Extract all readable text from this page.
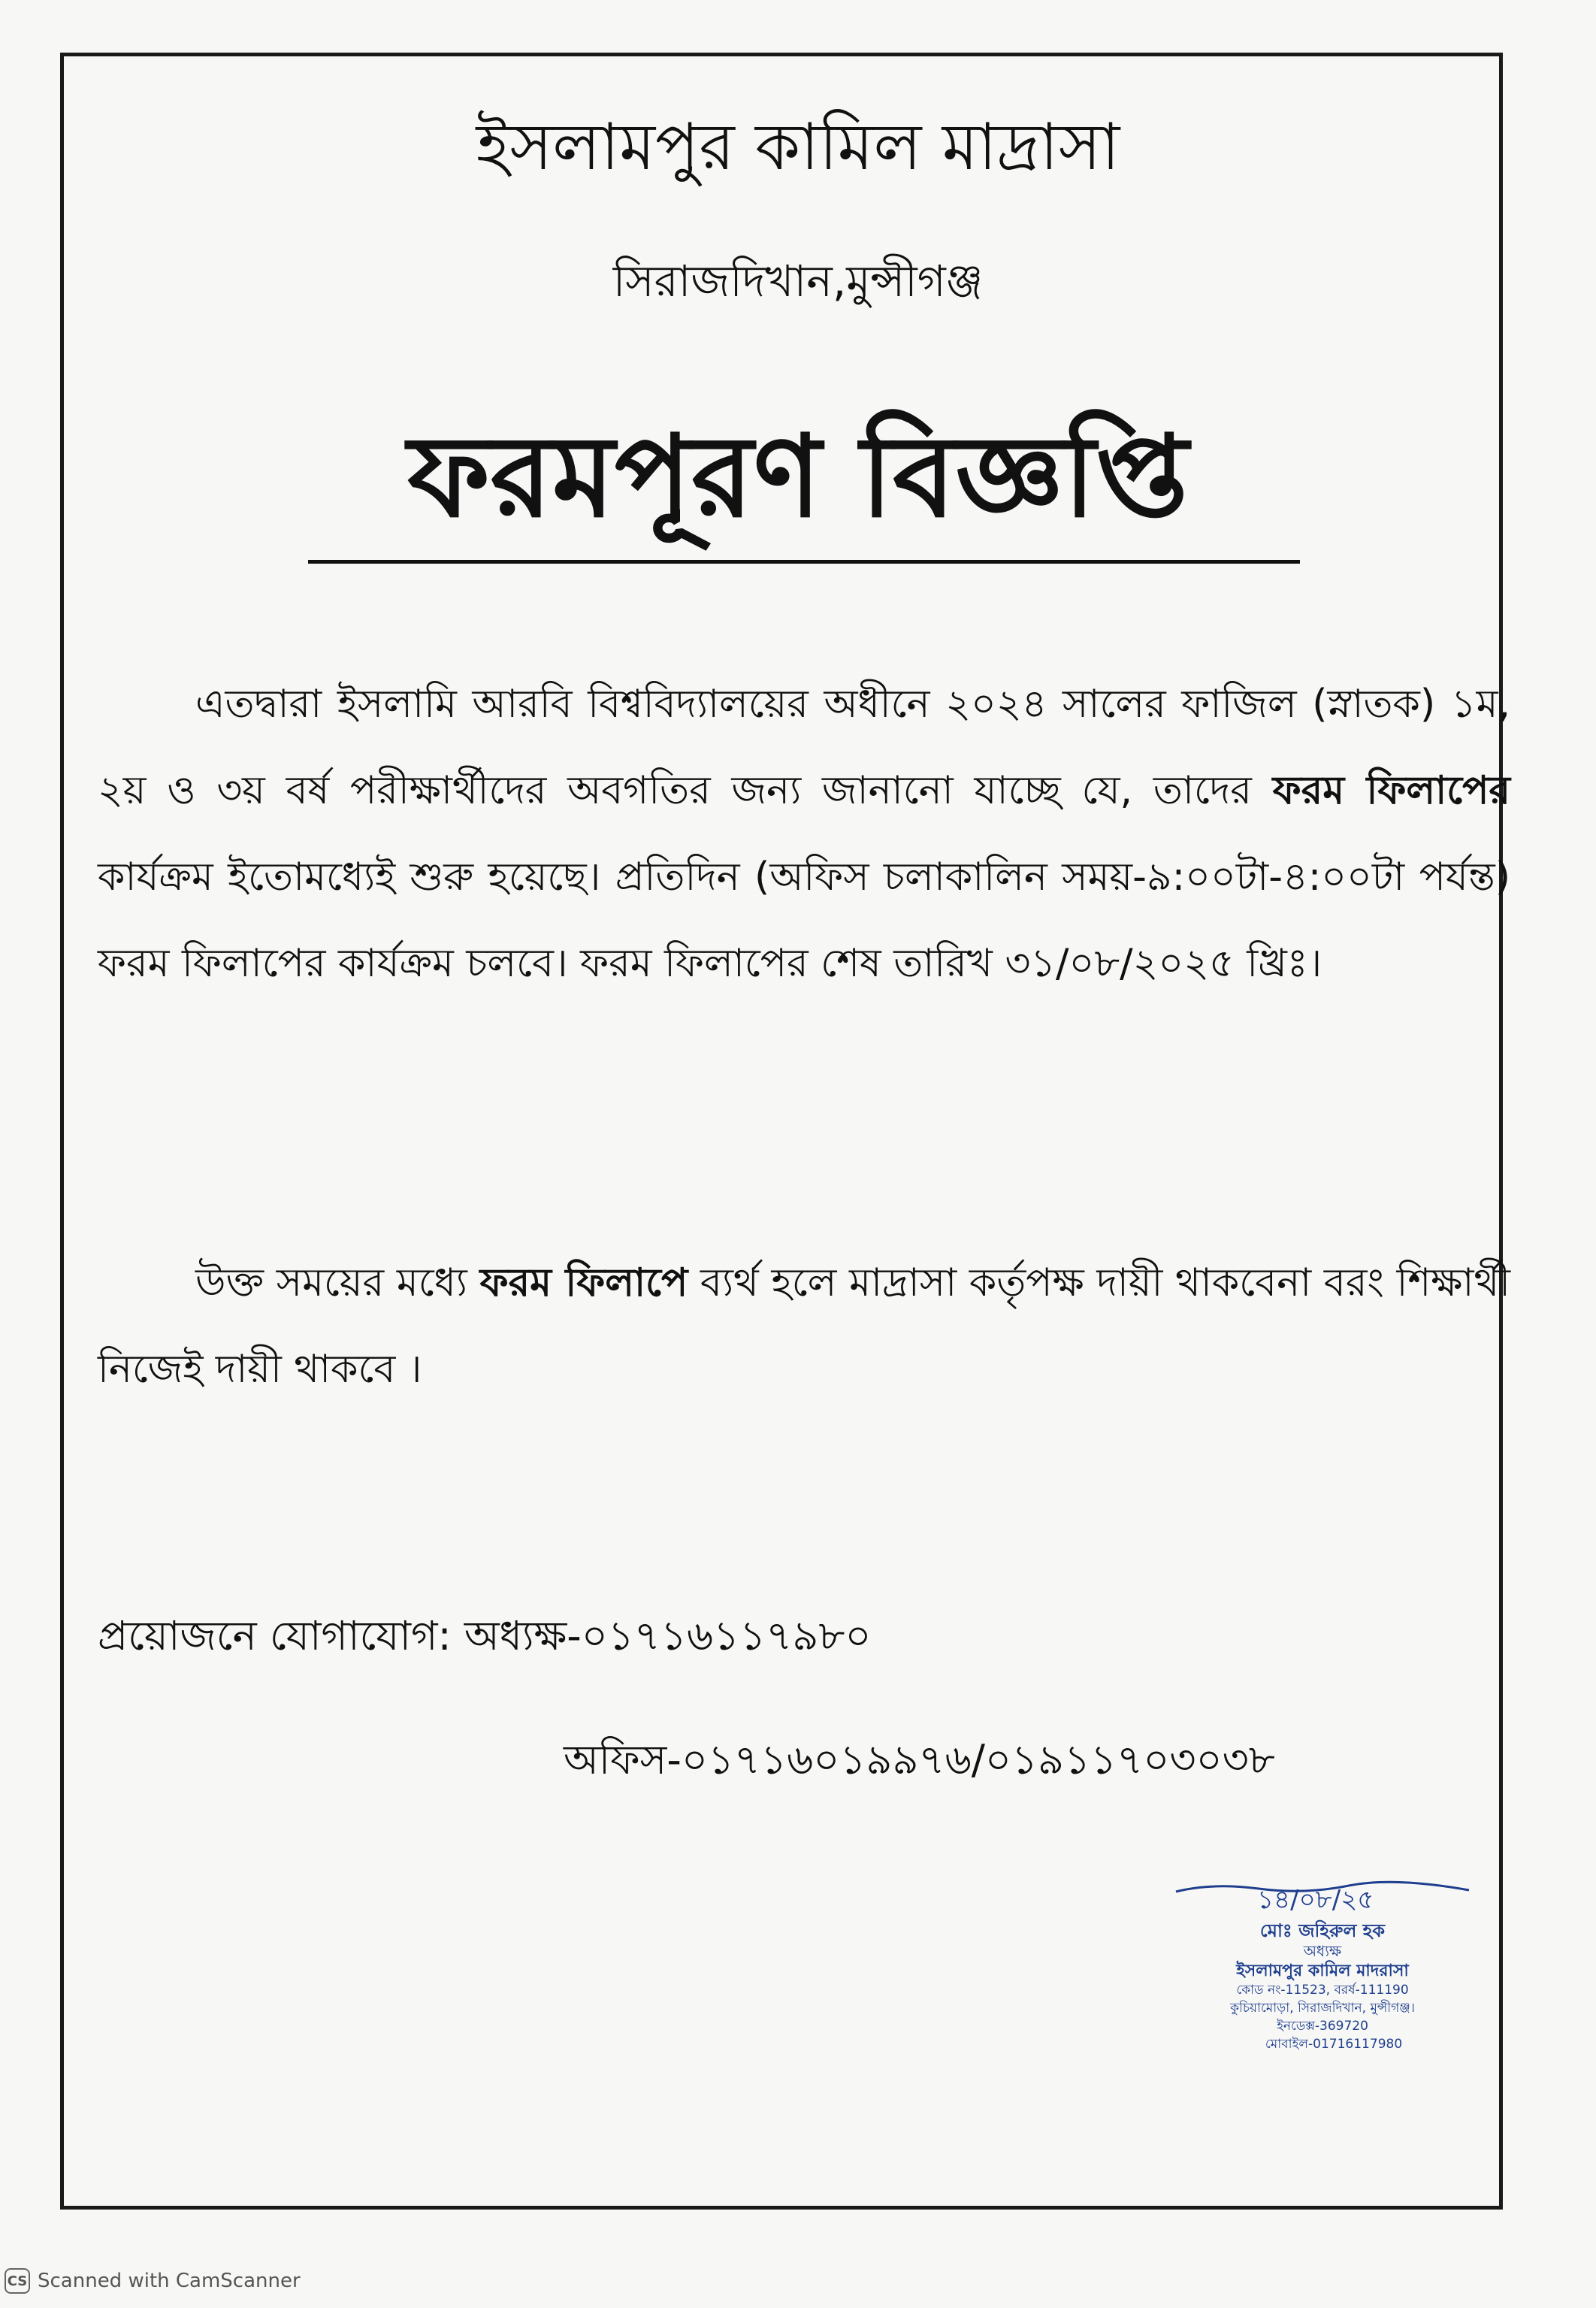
ইসলামপুর কামিল মাদ্রাসা
সিরাজদিখান,মুন্সীগঞ্জ
ফরমপূরণ বিজ্ঞপ্তি

এতদ্বারা ইসলামি আরবি বিশ্ববিদ্যালয়ের অধীনে ২০২৪ সালের ফাজিল (স্নাতক) ১ম, ২য় ও ৩য় বর্ষ পরীক্ষার্থীদের অবগতির জন্য জানানো যাচ্ছে যে, তাদের ফরম ফিলাপের কার্যক্রম ইতোমধ্যেই শুরু হয়েছে। প্রতিদিন (অফিস চলাকালিন সময়-৯:০০টা-৪:০০টা পর্যন্ত) ফরম ফিলাপের কার্যক্রম চলবে। ফরম ফিলাপের শেষ তারিখ ৩১/০৮/২০২৫ খ্রিঃ।

উক্ত সময়ের মধ্যে ফরম ফিলাপে ব্যর্থ হলে মাদ্রাসা কর্তৃপক্ষ দায়ী থাকবেনা বরং শিক্ষার্থী নিজেই দায়ী থাকবে ।

প্রয়োজনে যোগাযোগ: অধ্যক্ষ-০১৭১৬১১৭৯৮০
অফিস-০১৭১৬০১৯৯৭৬/০১৯১১৭০৩০৩৮
১৪/০৮/২৫
মোঃ জহিরুল হক
অধ্যক্ষ
ইসলামপুর কামিল মাদরাসা
কোড নং-11523, বরর্ষ-111190
কুচিয়ামোড়া, সিরাজদিখান, মুন্সীগঞ্জ।
ইনডেক্স-369720
মোবাইল-01716117980
CS Scanned with CamScanner
